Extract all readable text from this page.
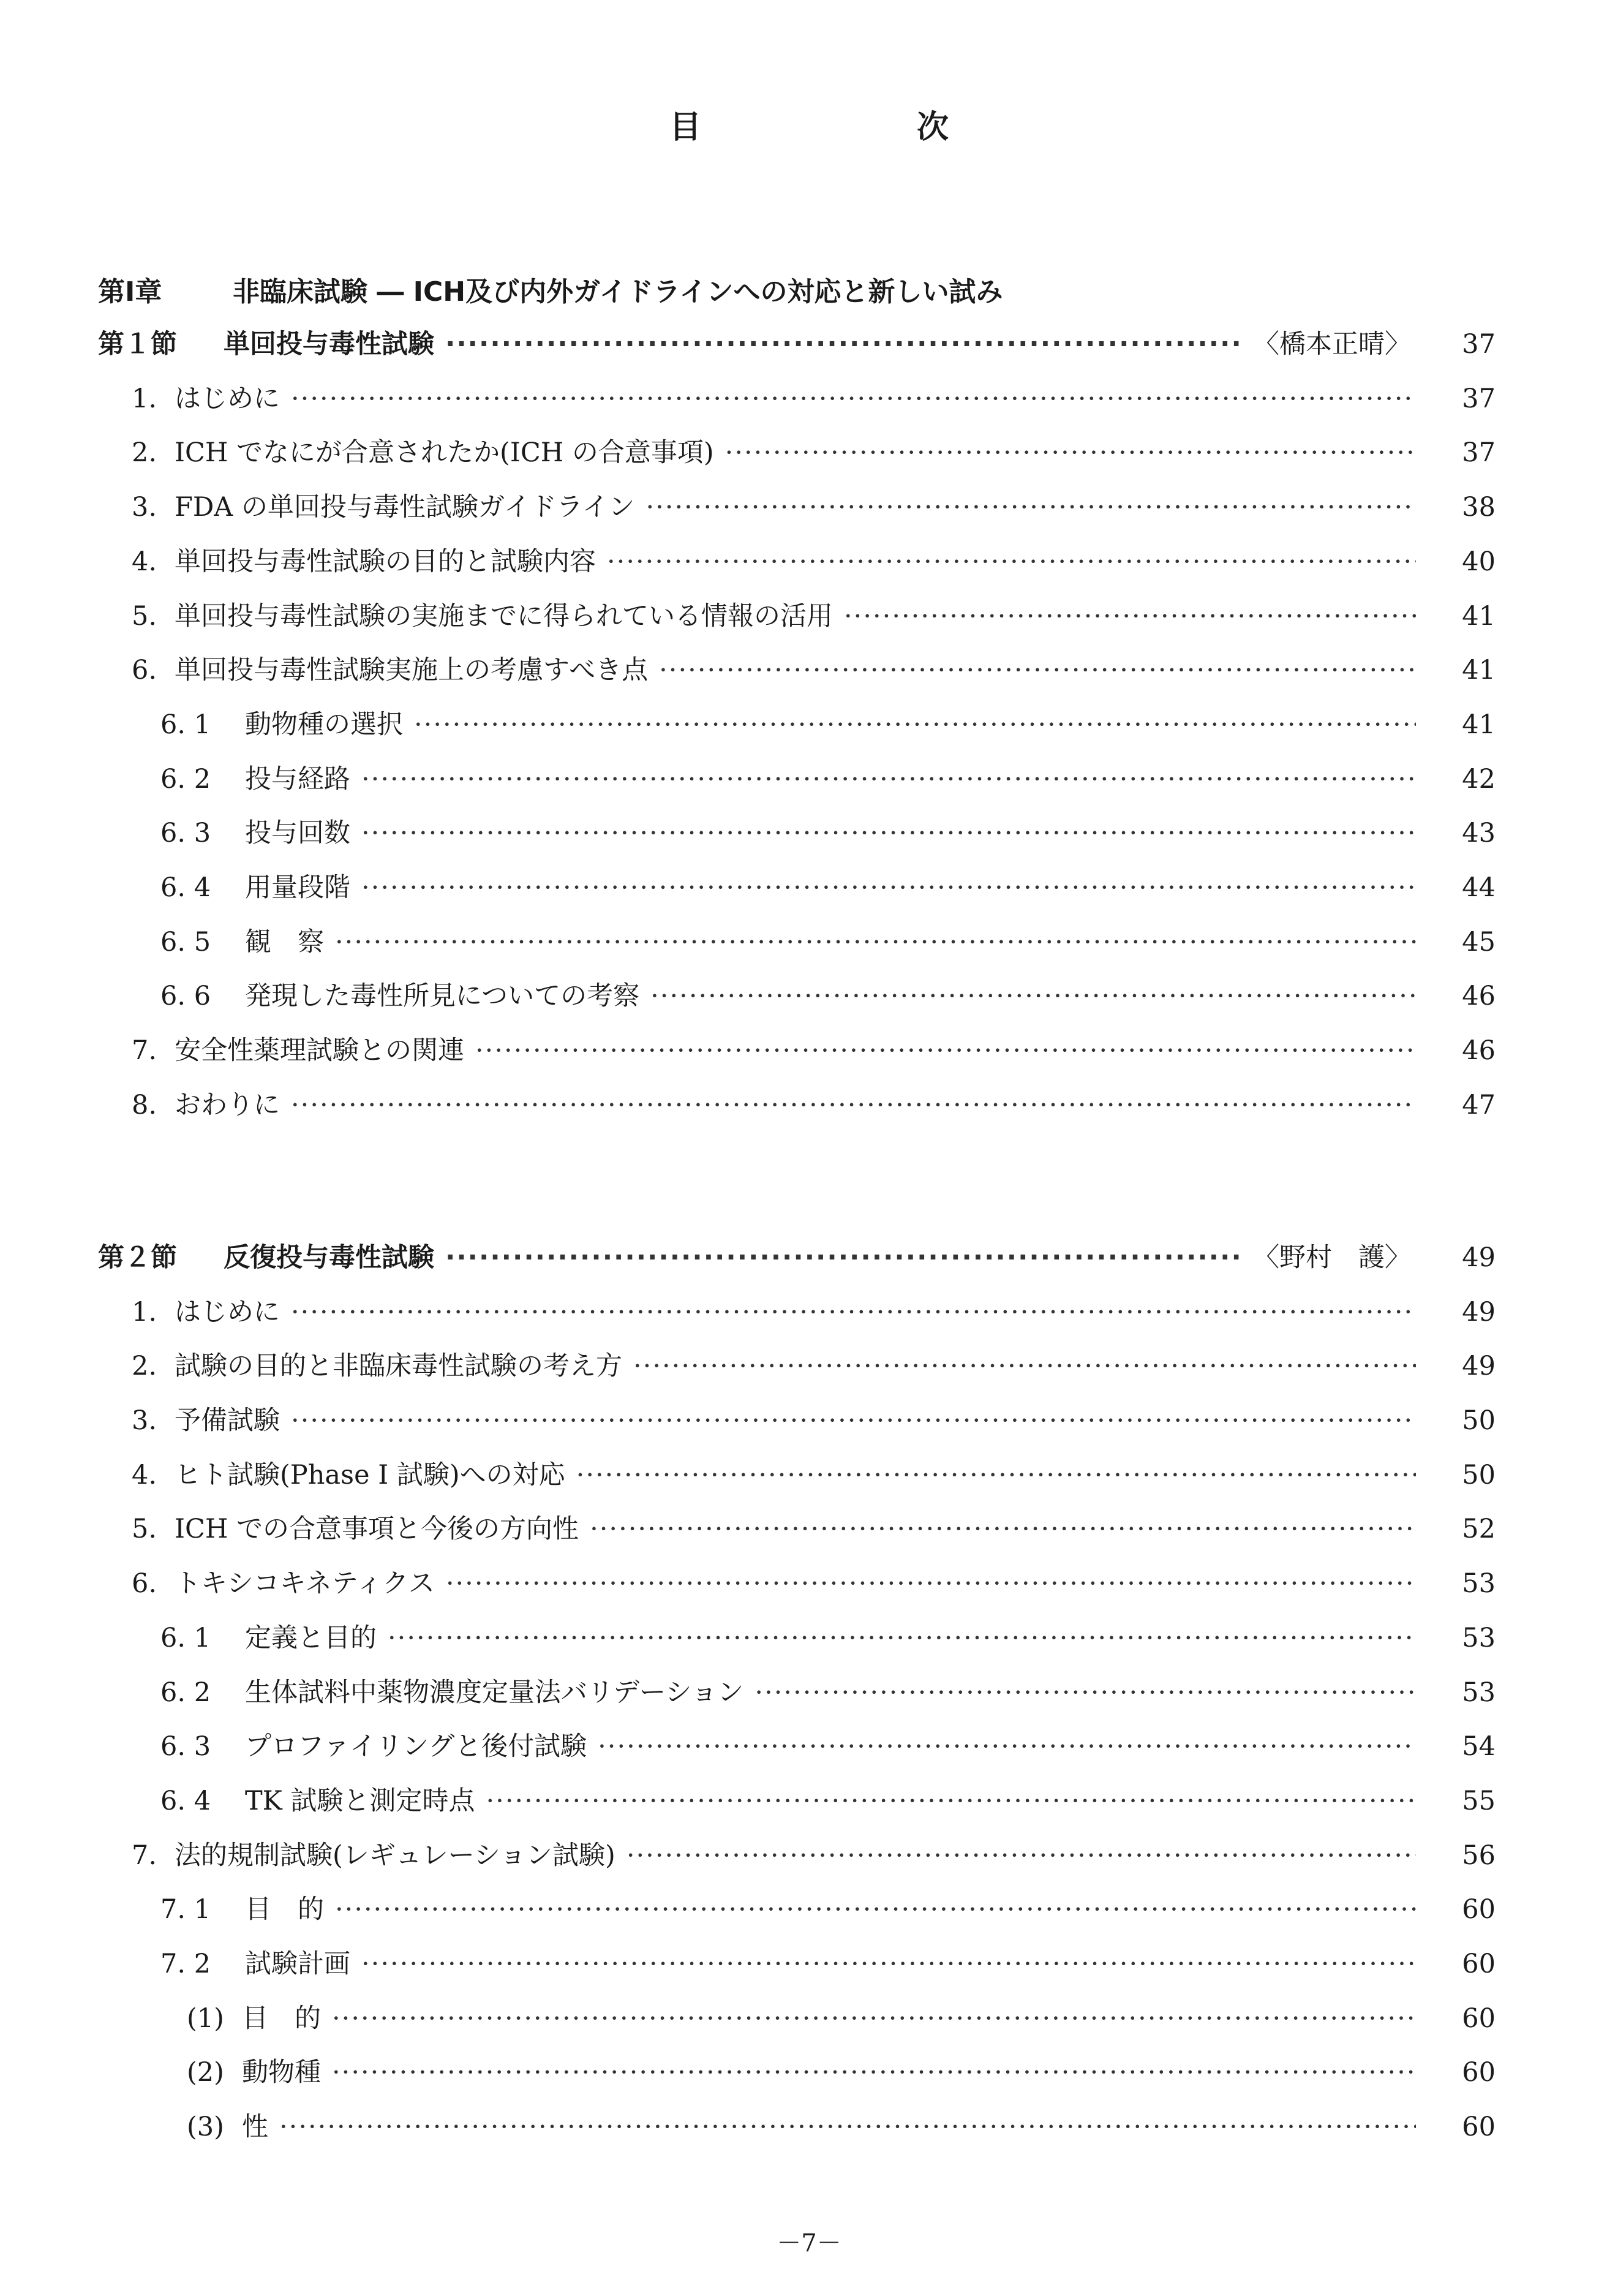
目　次
第Ⅰ章	非臨床試験 ― ICH及び内外ガイドラインへの対応と新しい試み
第１節 単回投与毒性試験 ·····	〈橋本正晴〉	37
1. はじめに ·····	37
2. ICH でなにが合意されたか(ICH の合意事項) ·····	37
3. FDA の単回投与毒性試験ガイドライン ·····	38
4. 単回投与毒性試験の目的と試験内容 ·····	40
5. 単回投与毒性試験の実施までに得られている情報の活用 ·····	41
6. 単回投与毒性試験実施上の考慮すべき点 ·····	41
6. 1 動物種の選択 ·····	41
6. 2 投与経路 ·····	42
6. 3 投与回数 ·····	43
6. 4 用量段階 ·····	44
6. 5 観　察 ·····	45
6. 6 発現した毒性所見についての考察 ·····	46
7. 安全性薬理試験との関連 ·····	46
8. おわりに ·····	47
第２節 反復投与毒性試験 ·····	〈野村　護〉	49
1. はじめに ·····	49
2. 試験の目的と非臨床毒性試験の考え方 ·····	49
3. 予備試験 ·····	50
4. ヒト試験(Phase I 試験)への対応 ·····	50
5. ICH での合意事項と今後の方向性 ·····	52
6. トキシコキネティクス ·····	53
6. 1 定義と目的 ·····	53
6. 2 生体試料中薬物濃度定量法バリデーション ·····	53
6. 3 プロファイリングと後付試験 ·····	54
6. 4 TK 試験と測定時点 ·····	55
7. 法的規制試験(レギュレーション試験) ·····	56
7. 1 目　的 ·····	60
7. 2 試験計画 ·····	60
(1) 目　的 ·····	60
(2) 動物種 ·····	60
(3) 性 ·····	60
－7－
